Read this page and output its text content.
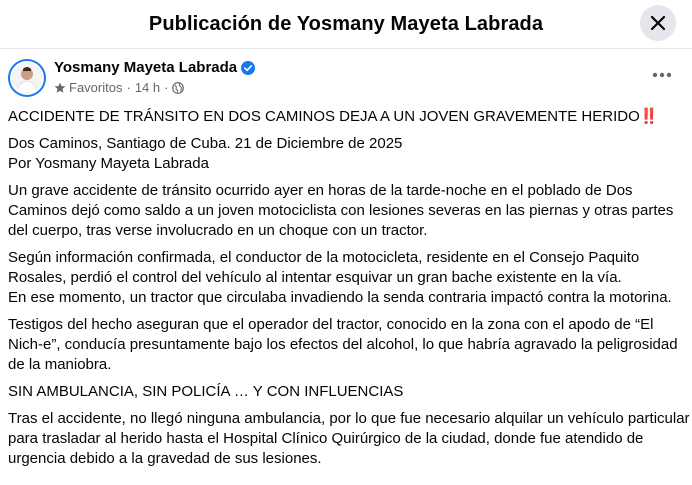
Publicación de Yosmany Mayeta Labrada
Yosmany Mayeta Labrada
Favoritos · 14 h ·

ACCIDENTE DE TRÁNSITO EN DOS CAMINOS DEJA A UN JOVEN GRAVEMENTE HERIDO‼️

Dos Caminos, Santiago de Cuba. 21 de Diciembre de 2025
Por Yosmany Mayeta Labrada

Un grave accidente de tránsito ocurrido ayer en horas de la tarde-noche en el poblado de Dos
Caminos dejó como saldo a un joven motociclista con lesiones severas en las piernas y otras partes
del cuerpo, tras verse involucrado en un choque con un tractor.

Según información confirmada, el conductor de la motocicleta, residente en el Consejo Paquito
Rosales, perdió el control del vehículo al intentar esquivar un gran bache existente en la vía.
En ese momento, un tractor que circulaba invadiendo la senda contraria impactó contra la motorina.

Testigos del hecho aseguran que el operador del tractor, conocido en la zona con el apodo de “El
Nich-e”, conducía presuntamente bajo los efectos del alcohol, lo que habría agravado la peligrosidad
de la maniobra.

SIN AMBULANCIA, SIN POLICÍA … Y CON INFLUENCIAS

Tras el accidente, no llegó ninguna ambulancia, por lo que fue necesario alquilar un vehículo particular
para trasladar al herido hasta el Hospital Clínico Quirúrgico de la ciudad, donde fue atendido de
urgencia debido a la gravedad de sus lesiones.
